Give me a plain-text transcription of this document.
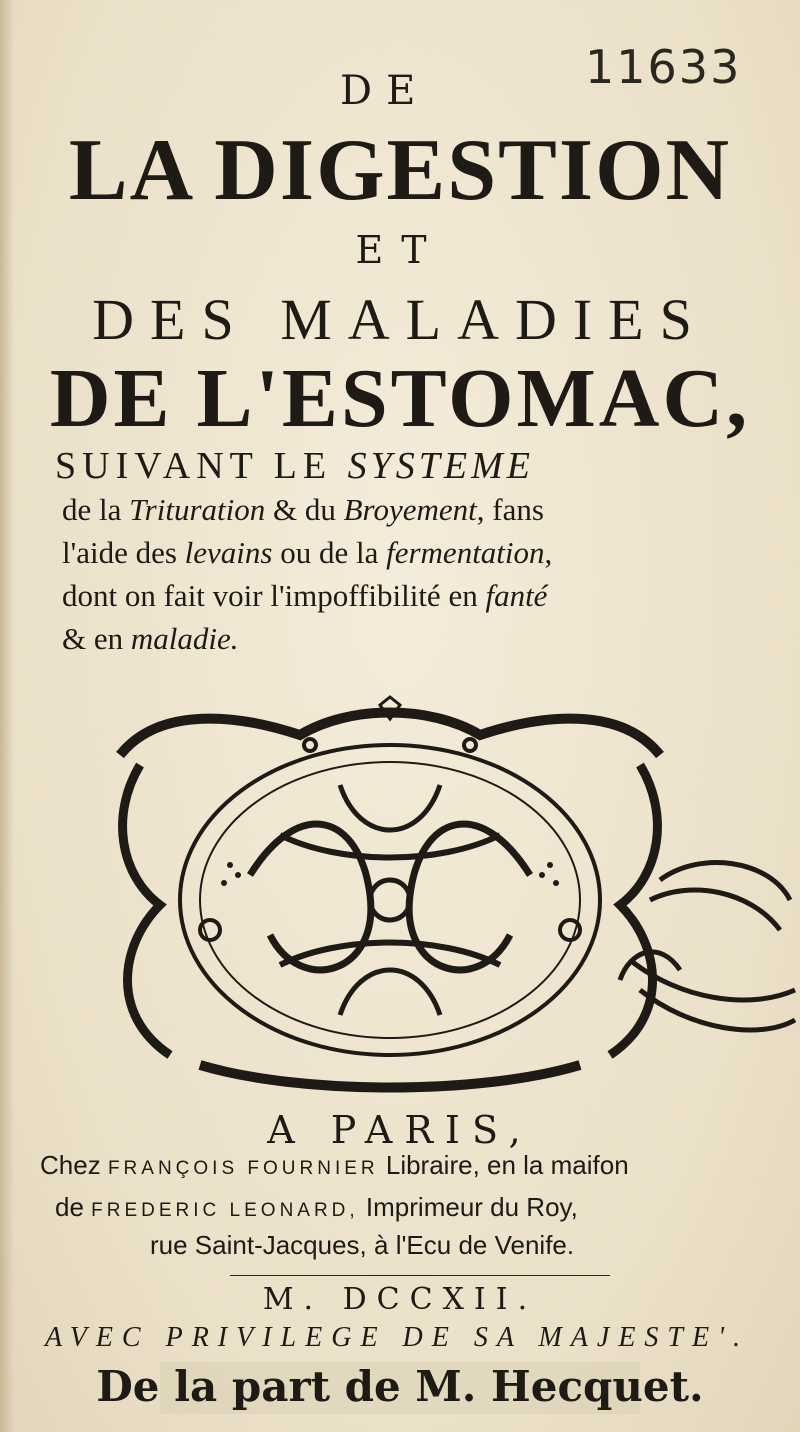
11633
DE
LA DIGESTION
ET
DES MALADIES
DE L'ESTOMAC,
SUIVANT LE SYSTEME
de la Trituration & du Broyement, fans
l'aide des levains ou de la fermentation,
dont on fait voir l'impoffibilité en fanté
& en maladie.
A PARIS,
Chez FRANÇOIS FOURNIER Libraire, en la maifon
de FREDERIC LEONARD, Imprimeur du Roy,
rue Saint-Jacques, à l'Ecu de Venife.
M. DCCXII.
AVEC PRIVILEGE DE SA MAJESTE'.
De la part de M. Hecquet.
